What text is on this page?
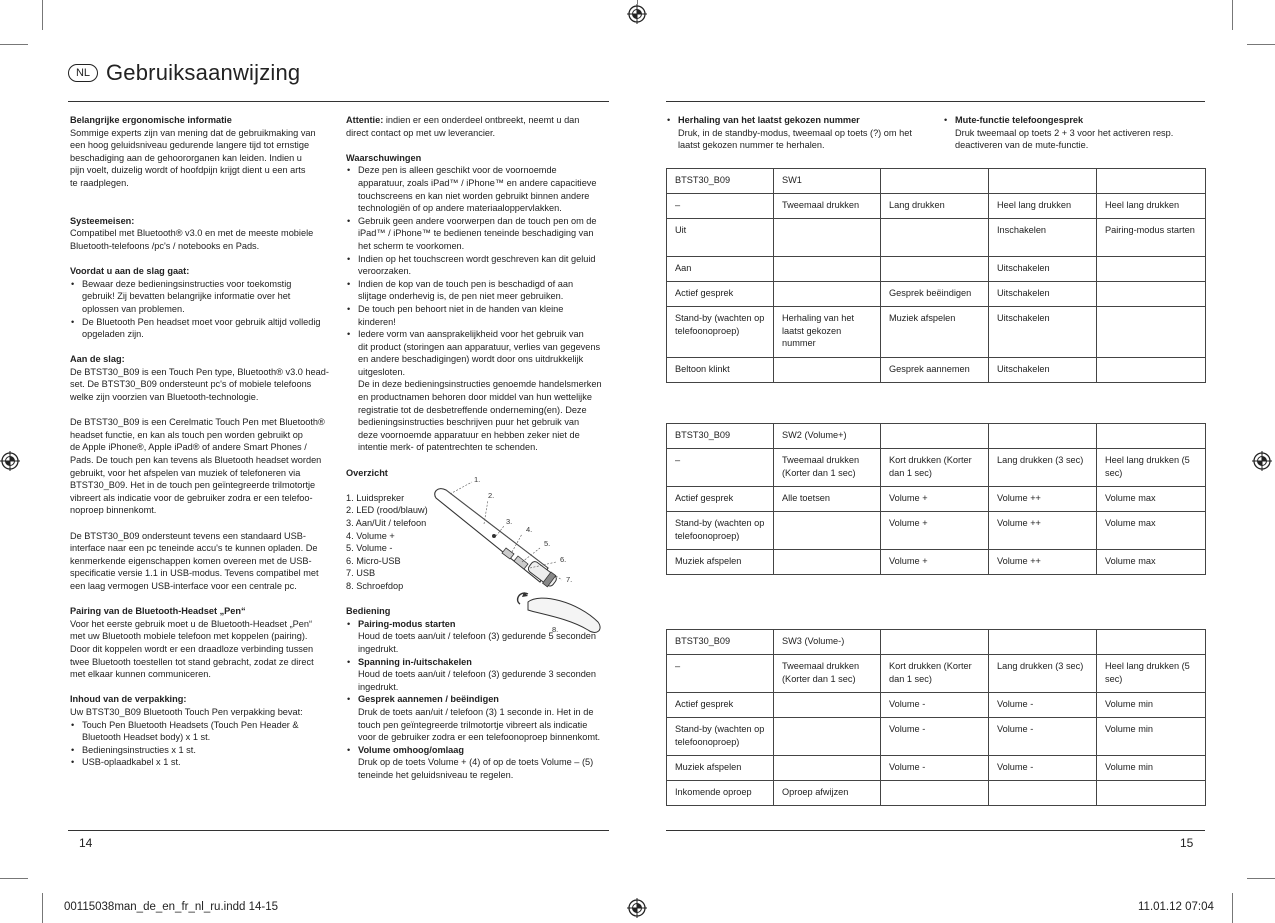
NL Gebruiksaanwijzing

Belangrijke ergonomische informatie

Sommige experts zijn van mening dat de gebruikmaking van

een hoog geluidsniveau gedurende langere tijd tot ernstige

beschadiging aan de gehoororganen kan leiden. Indien u

pijn voelt, duizelig wordt of hoofdpijn krijgt dient u een arts

te raadplegen.

Systeemeisen:

Compatibel met Bluetooth® v3.0 en met de meeste mobiele

Bluetooth-telefoons /pc's / notebooks en Pads.

Voordat u aan de slag gaat:

• Bewaar deze bedieningsinstructies voor toekomstig
gebruik! Zij bevatten belangrijke informatie over het
oplossen van problemen.
• De Bluetooth Pen headset moet voor gebruik altijd volledig
opgeladen zijn.

Aan de slag:

De BTST30_B09 is een Touch Pen type, Bluetooth® v3.0 head-

set. De BTST30_B09 ondersteunt pc's of mobiele telefoons

welke zijn voorzien van Bluetooth-technologie.

De BTST30_B09 is een Cerelmatic Touch Pen met Bluetooth®

headset functie, en kan als touch pen worden gebruikt op

de Apple iPhone®, Apple iPad® of andere Smart Phones /

Pads. De touch pen kan tevens als Bluetooth headset worden

gebruikt, voor het afspelen van muziek of telefoneren via

BTST30_B09. Het in de touch pen geïntegreerde trilmotortje

vibreert als indicatie voor de gebruiker zodra er een telefoo-

noproep binnenkomt.

De BTST30_B09 ondersteunt tevens een standaard USB-

interface naar een pc teneinde accu's te kunnen opladen. De

kenmerkende eigenschappen komen overeen met de USB-

specificatie versie 1.1 in USB-modus. Tevens compatibel met

een laag vermogen USB-interface voor een centrale pc.

Pairing van de Bluetooth-Headset „Pen“

Voor het eerste gebruik moet u de Bluetooth-Headset „Pen“

met uw Bluetooth mobiele telefoon met koppelen (pairing).

Door dit koppelen wordt er een draadloze verbinding tussen

twee Bluetooth toestellen tot stand gebracht, zodat ze direct

met elkaar kunnen communiceren.

Inhoud van de verpakking:

Uw BTST30_B09 Bluetooth Touch Pen verpakking bevat:

• Touch Pen Bluetooth Headsets (Touch Pen Header &
Bluetooth Headset body) x 1 st.
• Bedieningsinstructies x 1 st.
• USB-oplaadkabel x 1 st.

Attentie: indien er een onderdeel ontbreekt, neemt u dan

direct contact op met uw leverancier.

Waarschuwingen

• Deze pen is alleen geschikt voor de voornoemde
apparatuur, zoals iPad™ / iPhone™ en andere capacitieve
touchscreens en kan niet worden gebruikt binnen andere
technologiën of op andere materiaaloppervlakken.
• Gebruik geen andere voorwerpen dan de touch pen om de
iPad™ / iPhone™ te bedienen teneinde beschadiging van
het scherm te voorkomen.
• Indien op het touchscreen wordt geschreven kan dit geluid
veroorzaken.
• Indien de kop van de touch pen is beschadigd of aan
slijtage onderhevig is, de pen niet meer gebruiken.
• De touch pen behoort niet in de handen van kleine
kinderen!
• Iedere vorm van aansprakelijkheid voor het gebruik van
dit product (storingen aan apparatuur, verlies van gegevens
en andere beschadigingen) wordt door ons uitdrukkelijk
uitgesloten.
De in deze bedieningsinstructies genoemde handelsmerken
en productnamen behoren door middel van hun wettelijke
registratie tot de desbetreffende onderneming(en). Deze
bedieningsinstructies beschrijven puur het gebruik van
deze voornoemde apparatuur en hebben zeker niet de
intentie merk- of patentrechten te schenden.

Overzicht

1. Luidspreker
2. LED (rood/blauw)
3. Aan/Uit / telefoon
4. Volume +
5. Volume -
6. Micro-USB
7. USB
8. Schroefdop

Bediening

• Pairing-modus starten
Houd de toets aan/uit / telefoon (3) gedurende 5 seconden
ingedrukt.
• Spanning in-/uitschakelen
Houd de toets aan/uit / telefoon (3) gedurende 3 seconden
ingedrukt.
• Gesprek aannemen / beëindigen
Druk de toets aan/uit / telefoon (3) 1 seconde in. Het in de
touch pen geïntegreerde trilmotortje vibreert als indicatie
voor de gebruiker zodra er een telefoonoproep binnenkomt.
• Volume omhoog/omlaag
Druk op de toets Volume + (4) of op de toets Volume – (5)
teneinde het geluidsniveau te regelen.
1.
2.
3.
4.
5.
6.
7.
8.
• Herhaling van het laatst gekozen nummer

Druk, in de standby-modus, tweemaal op toets (?) om het

laatst gekozen nummer te herhalen.

• Mute-functie telefoongesprek

Druk tweemaal op toets 2 + 3 voor het activeren resp.

deactiveren van de mute-functie.

BTST30_B09	SW1			
–	Tweemaal drukken	Lang drukken	Heel lang drukken	Heel lang drukken
Uit			Inschakelen	Pairing-modus starten
Aan			Uitschakelen	
Actief gesprek		Gesprek beëindigen	Uitschakelen	
Stand-by (wachten op telefoonoproep)	Herhaling van het laatst gekozen nummer	Muziek afspelen	Uitschakelen	
Beltoon klinkt		Gesprek aannemen	Uitschakelen	
BTST30_B09	SW2 (Volume+)			
–	Tweemaal drukken (Korter dan 1 sec)	Kort drukken (Korter dan 1 sec)	Lang drukken (3 sec)	Heel lang drukken (5 sec)
Actief gesprek	Alle toetsen	Volume +	Volume ++	Volume max
Stand-by (wachten op telefoonoproep)		Volume +	Volume ++	Volume max
Muziek afspelen		Volume +	Volume ++	Volume max
BTST30_B09	SW3 (Volume-)			
–	Tweemaal drukken (Korter dan 1 sec)	Kort drukken (Korter dan 1 sec)	Lang drukken (3 sec)	Heel lang drukken (5 sec)
Actief gesprek		Volume -	Volume -	Volume min
Stand-by (wachten op telefoonoproep)		Volume -	Volume -	Volume min
Muziek afspelen		Volume -	Volume -	Volume min
Inkomende oproep	Oproep afwijzen			
14	15
00115038man_de_en_fr_nl_ru.indd 14-15	11.01.12 07:04
